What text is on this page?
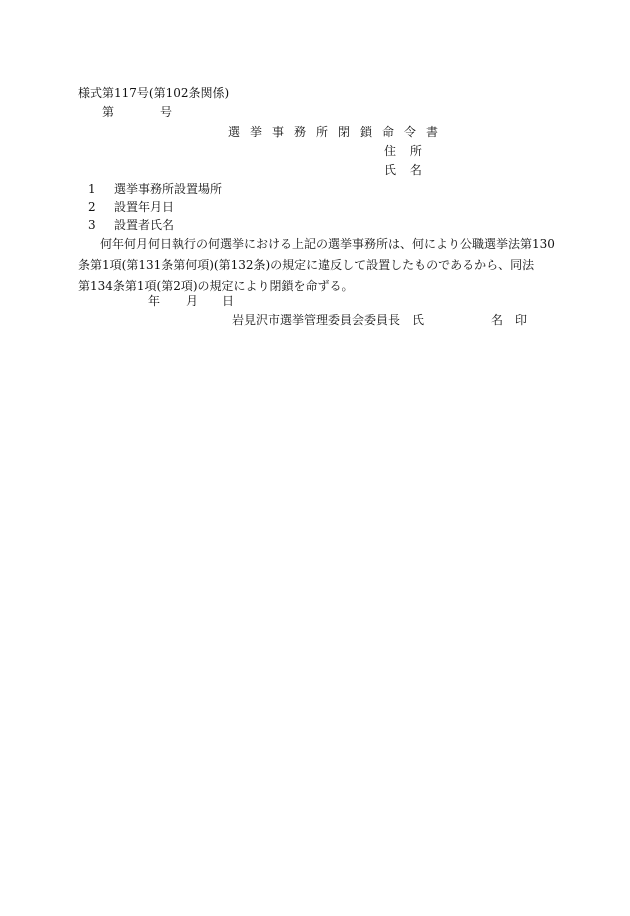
様式第117号(第102条関係)
第	号
選挙事務所閉鎖命令書
住 所
氏 名
1 選挙事務所設置場所
2 設置年月日
3 設置者氏名
何年何月何日執行の何選挙における上記の選挙事務所は、何により公職選挙法第130
条第1項(第131条第何項)(第132条)の規定に違反して設置したものであるから、同法
第134条第1項(第2項)の規定により閉鎖を命ずる。
年 月 日
岩見沢市選挙管理委員会委員長 氏	名 印
